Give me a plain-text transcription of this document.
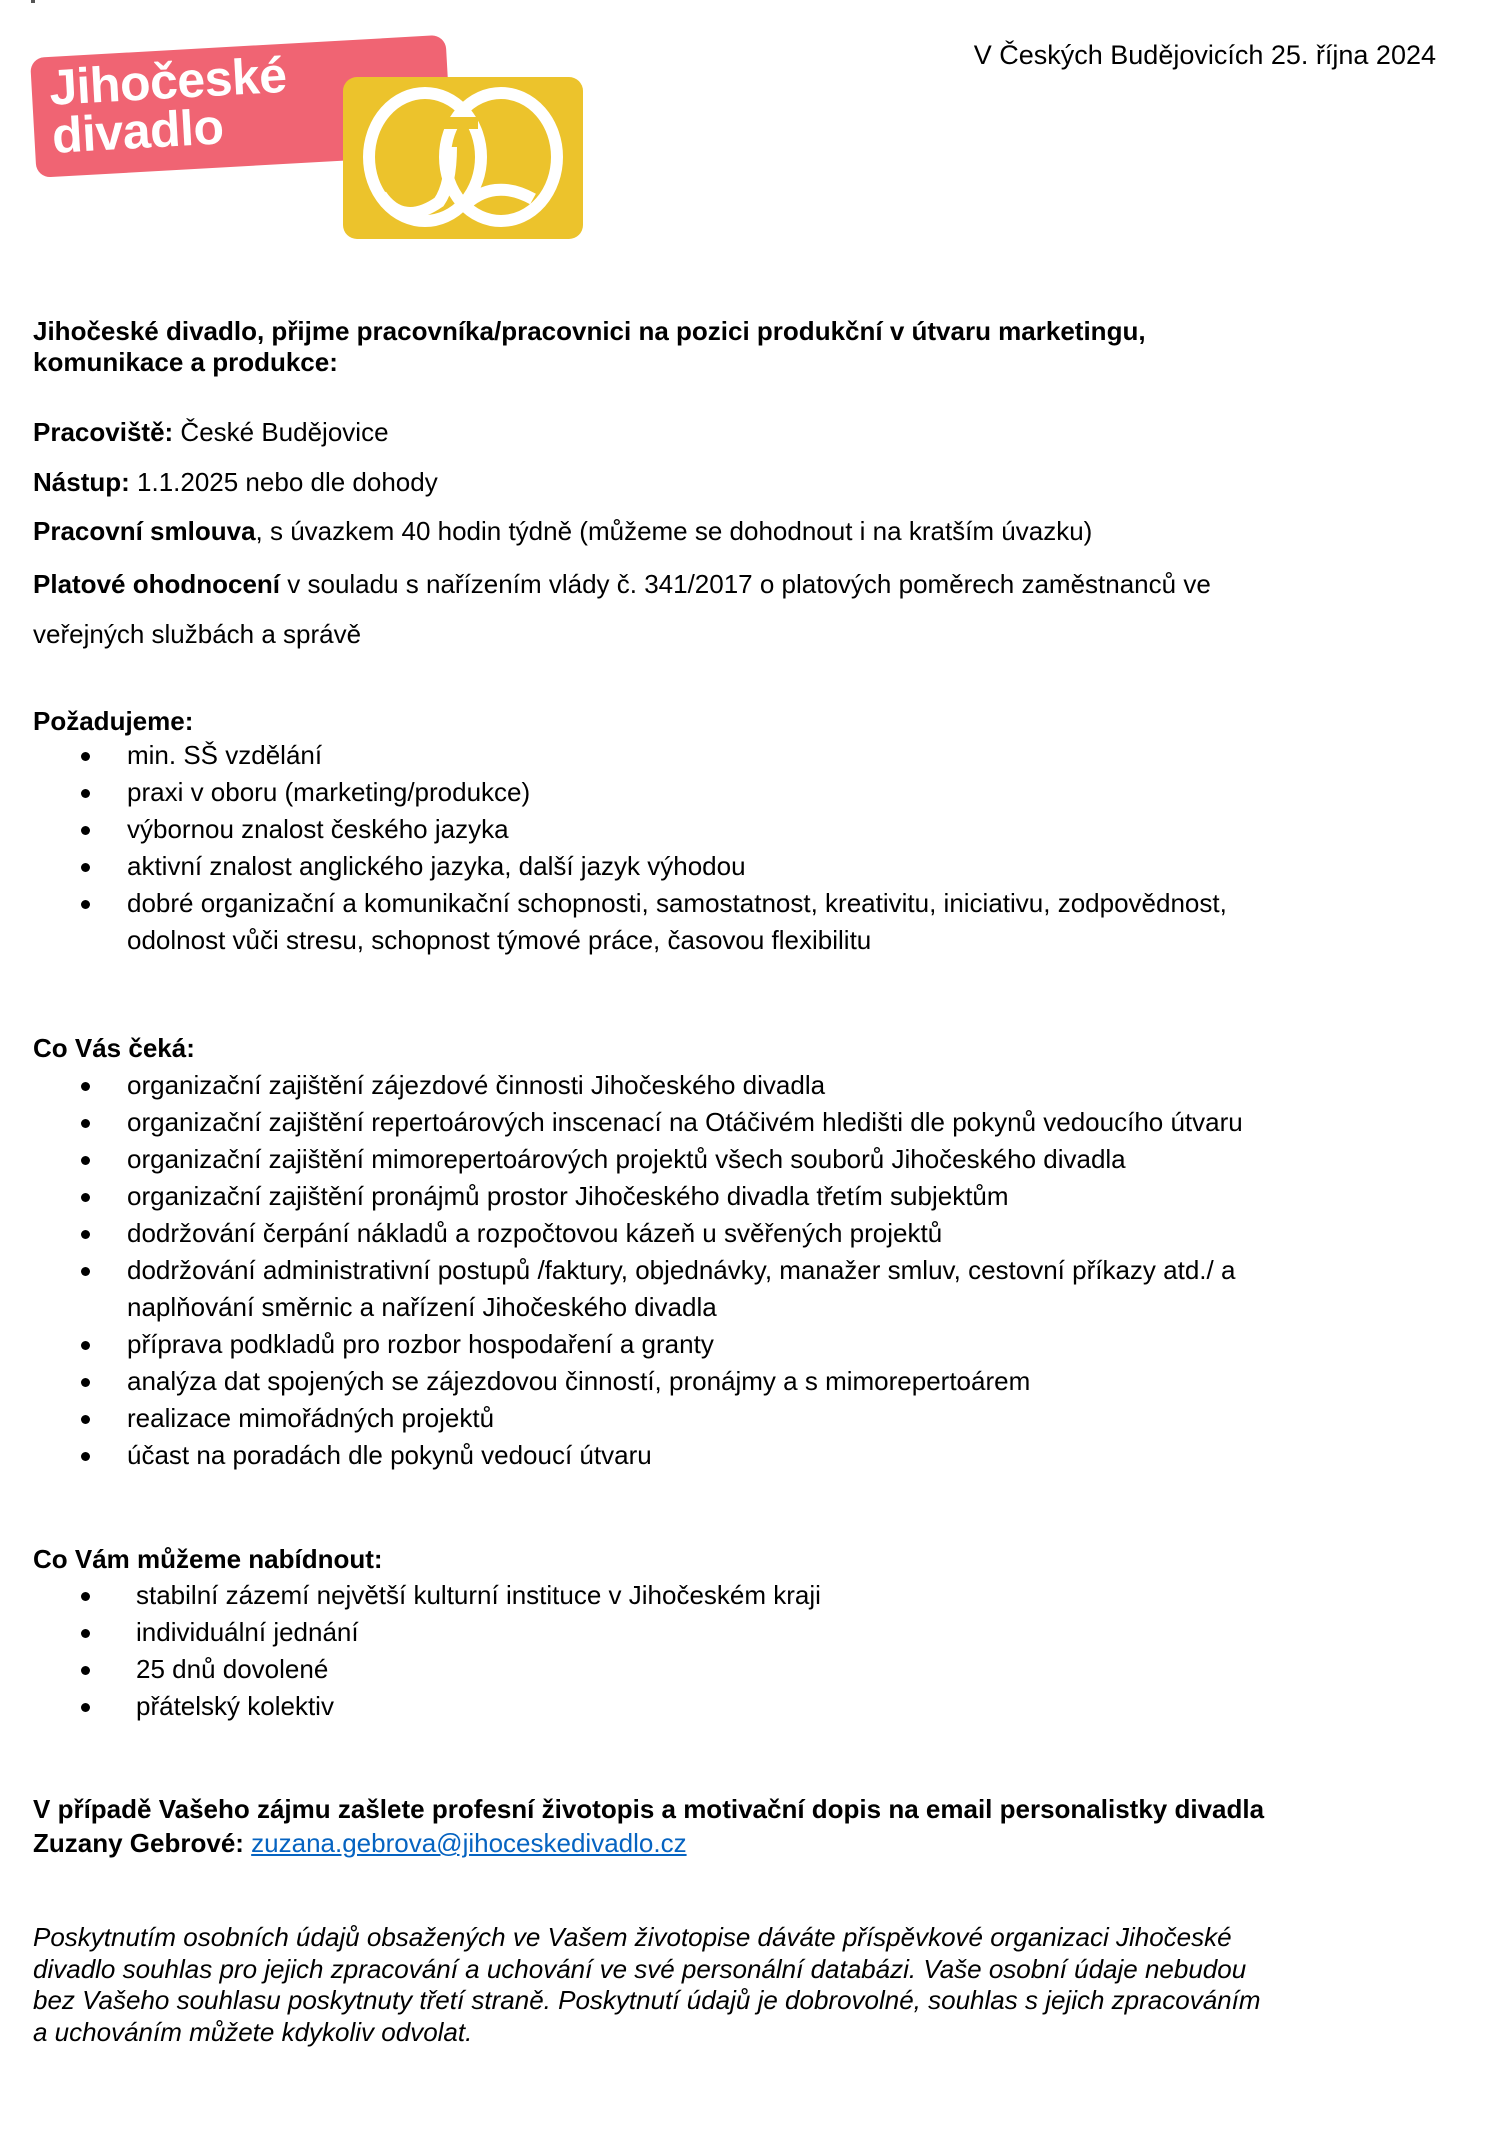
Jihočeské
divadlo
V Českých Budějovicích 25. října 2024
Jihočeské divadlo, přijme pracovníka/pracovnici na pozici produkční v útvaru marketingu,
komunikace a produkce:
Pracoviště: České Budějovice
Nástup: 1.1.2025 nebo dle dohody
Pracovní smlouva, s úvazkem 40 hodin týdně (můžeme se dohodnout i na kratším úvazku)
Platové ohodnocení v souladu s nařízením vlády č. 341/2017 o platových poměrech zaměstnanců ve
veřejných službách a správě
Požadujeme:
min. SŠ vzdělání
praxi v oboru (marketing/produkce)
výbornou znalost českého jazyka
aktivní znalost anglického jazyka, další jazyk výhodou
dobré organizační a komunikační schopnosti, samostatnost, kreativitu, iniciativu, zodpovědnost,
odolnost vůči stresu, schopnost týmové práce, časovou flexibilitu
Co Vás čeká:
organizační zajištění zájezdové činnosti Jihočeského divadla
organizační zajištění repertoárových inscenací na Otáčivém hledišti dle pokynů vedoucího útvaru
organizační zajištění mimorepertoárových projektů všech souborů Jihočeského divadla
organizační zajištění pronájmů prostor Jihočeského divadla třetím subjektům
dodržování čerpání nákladů a rozpočtovou kázeň u svěřených projektů
dodržování administrativní postupů /faktury, objednávky, manažer smluv, cestovní příkazy atd./ a
naplňování směrnic a nařízení Jihočeského divadla
příprava podkladů pro rozbor hospodaření a granty
analýza dat spojených se zájezdovou činností, pronájmy a s mimorepertoárem
realizace mimořádných projektů
účast na poradách dle pokynů vedoucí útvaru
Co Vám můžeme nabídnout:
stabilní zázemí největší kulturní instituce v Jihočeském kraji
individuální jednání
25 dnů dovolené
přátelský kolektiv
V případě Vašeho zájmu zašlete profesní životopis a motivační dopis na email personalistky divadla
Zuzany Gebrové: zuzana.gebrova@jihoceskedivadlo.cz
Poskytnutím osobních údajů obsažených ve Vašem životopise dáváte příspěvkové organizaci Jihočeské
divadlo souhlas pro jejich zpracování a uchování ve své personální databázi. Vaše osobní údaje nebudou
bez Vašeho souhlasu poskytnuty třetí straně. Poskytnutí údajů je dobrovolné, souhlas s jejich zpracováním
a uchováním můžete kdykoliv odvolat.
